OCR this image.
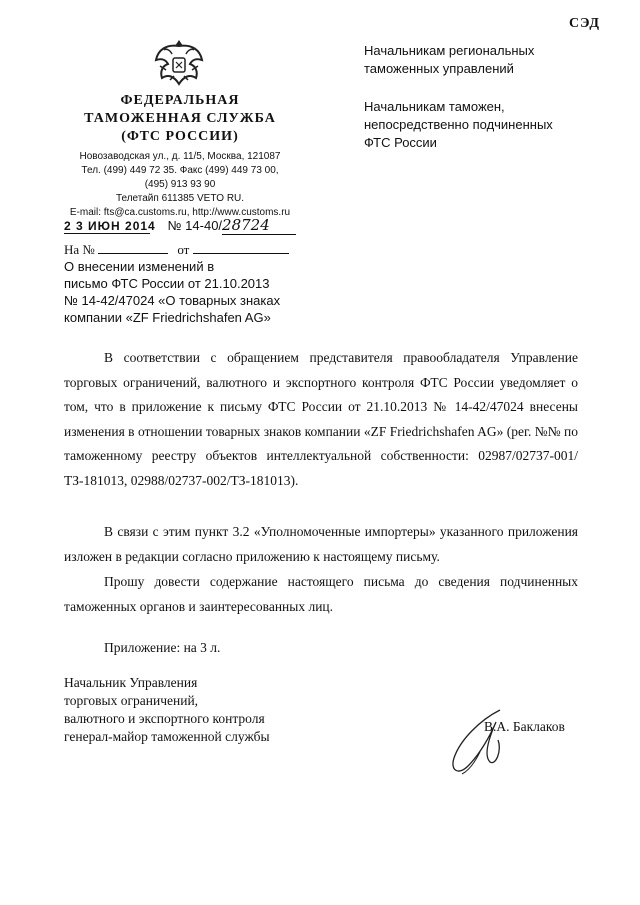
СЭД
ФЕДЕРАЛЬНАЯ
ТАМОЖЕННАЯ СЛУЖБА
(ФТС РОССИИ)
Новозаводская ул., д. 11/5, Москва, 121087
Тел. (499) 449 72 35. Факс (499) 449 73 00,
(495) 913 93 90
Телетайп 611385 VETO RU.
E-mail: fts@ca.customs.ru, http://www.customs.ru
2 3 ИЮН 2014 № 14-40/28724
На №	от
О внесении изменений в
письмо ФТС России от 21.10.2013
№ 14-42/47024 «О товарных знаках
компании «ZF Friedrichshafen AG»
Начальникам региональных
таможенных управлений
Начальникам таможен,
непосредственно подчиненных
ФТС России
В соответствии с обращением представителя правообладателя Управление торговых ограничений, валютного и экспортного контроля ФТС России уведомляет о том, что в приложение к письму ФТС России от 21.10.2013 № 14-42/47024 внесены изменения в отношении товарных знаков компании «ZF Friedrichshafen AG» (рег. №№ по таможенному реестру объектов интеллектуальной собственности: 02987/02737-001/ТЗ-181013, 02988/02737-002/ТЗ-181013).
В связи с этим пункт 3.2 «Уполномоченные импортеры» указанного приложения изложен в редакции согласно приложению к настоящему письму.
Прошу довести содержание настоящего письма до сведения подчиненных таможенных органов и заинтересованных лиц.
Приложение: на 3 л.
Начальник Управления
торговых ограничений,
валютного и экспортного контроля
генерал-майор таможенной службы
В.А. Баклаков
